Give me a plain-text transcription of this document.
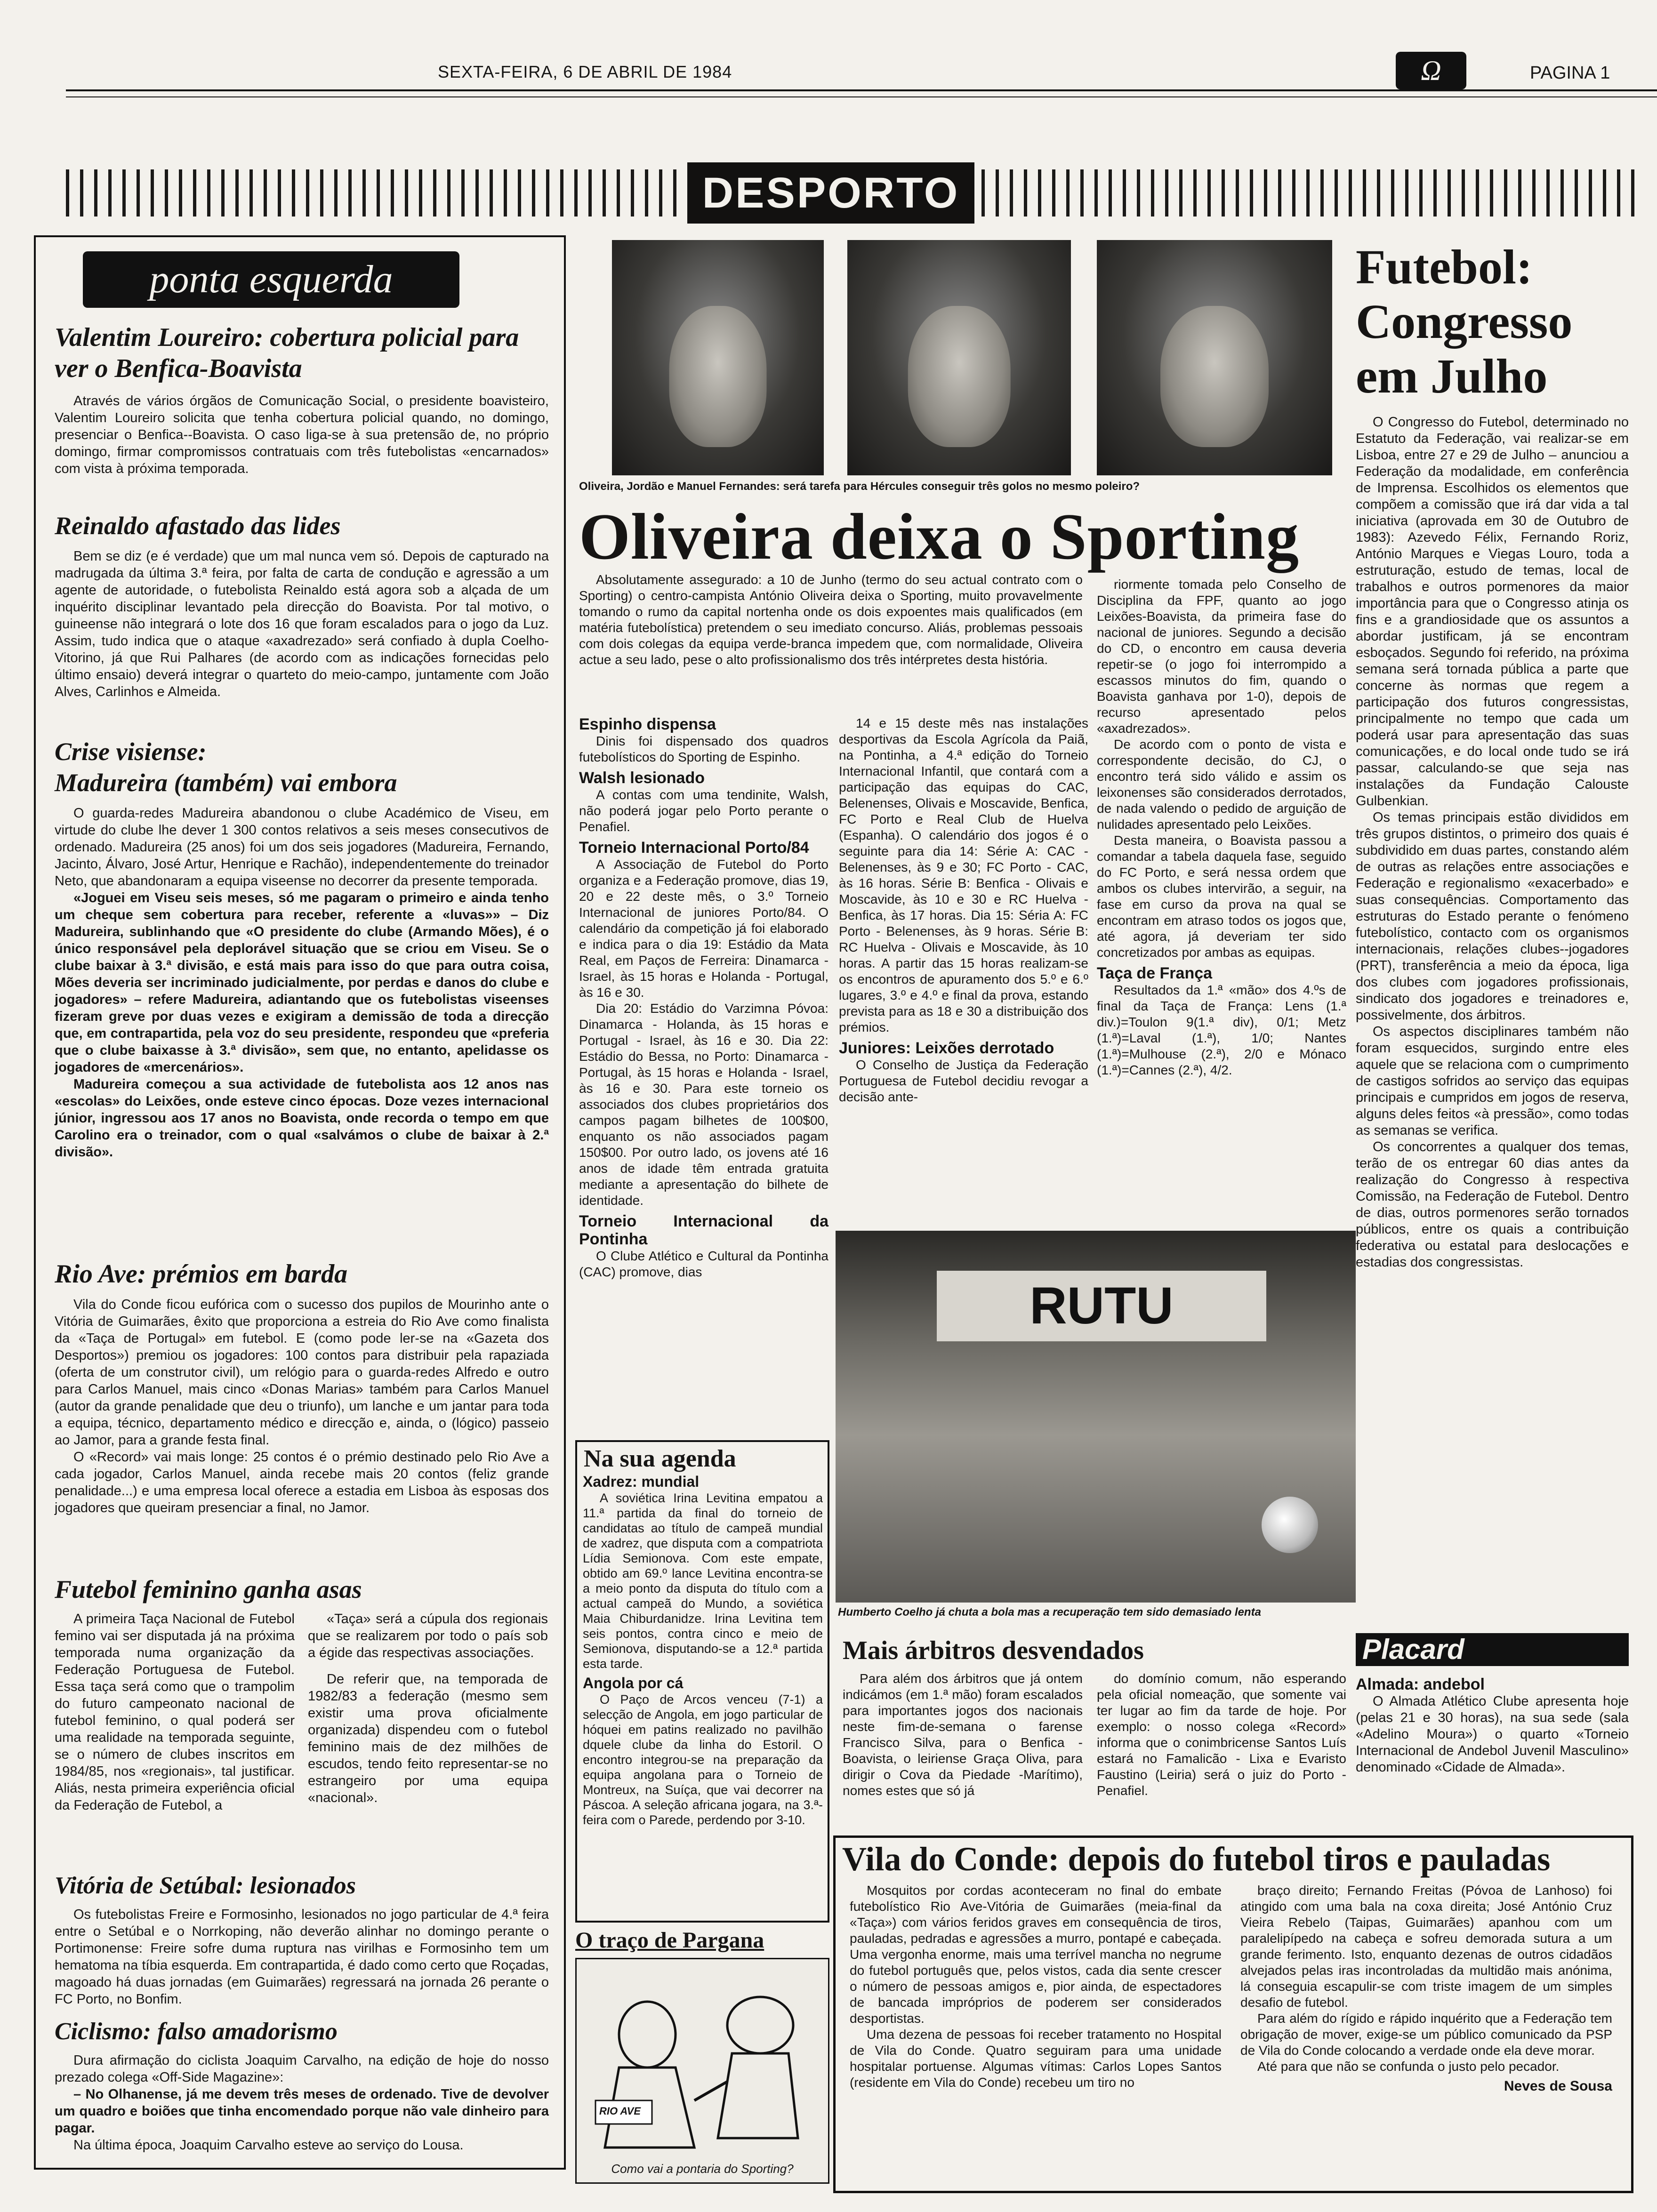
SEXTA-FEIRA, 6 DE ABRIL DE 1984	Ω	PAGINA 1
DESPORTO
ponta esquerda
Valentim Loureiro: cobertura policial para ver o Benfica-Boavista

Através de vários órgãos de Comunicação Social, o presidente boavisteiro, Valentim Loureiro solicita que tenha cobertura policial quando, no domingo, presenciar o Benfica--Boavista. O caso liga-se à sua pretensão de, no próprio domingo, firmar compromissos contratuais com três futebolistas «encarnados» com vista à próxima temporada.

Reinaldo afastado das lides

Bem se diz (e é verdade) que um mal nunca vem só. Depois de capturado na madrugada da última 3.ª feira, por falta de carta de condução e agressão a um agente de autoridade, o futebolista Reinaldo está agora sob a alçada de um inquérito disciplinar levantado pela direcção do Boavista. Por tal motivo, o guineense não integrará o lote dos 16 que foram escalados para o jogo da Luz. Assim, tudo indica que o ataque «axadrezado» será confiado à dupla Coelho-Vitorino, já que Rui Palhares (de acordo com as indicações fornecidas pelo último ensaio) deverá integrar o quarteto do meio-campo, juntamente com João Alves, Carlinhos e Almeida.

Crise visiense:
Madureira (também) vai embora

O guarda-redes Madureira abandonou o clube Académico de Viseu, em virtude do clube lhe dever 1 300 contos relativos a seis meses consecutivos de ordenado. Madureira (25 anos) foi um dos seis jogadores (Madureira, Fernando, Jacinto, Álvaro, José Artur, Henrique e Rachão), independentemente do treinador Neto, que abandonaram a equipa viseense no decorrer da presente temporada.

«Joguei em Viseu seis meses, só me pagaram o primeiro e ainda tenho um cheque sem cobertura para receber, referente a «luvas»» – Diz Madureira, sublinhando que «O presidente do clube (Armando Mões), é o único responsável pela deplorável situação que se criou em Viseu. Se o clube baixar à 3.ª divisão, e está mais para isso do que para outra coisa, Mões deveria ser incriminado judicialmente, por perdas e danos do clube e jogadores» – refere Madureira, adiantando que os futebolistas viseenses fizeram greve por duas vezes e exigiram a demissão de toda a direcção que, em contrapartida, pela voz do seu presidente, respondeu que «preferia que o clube baixasse à 3.ª divisão», sem que, no entanto, apelidasse os jogadores de «mercenários».

Madureira começou a sua actividade de futebolista aos 12 anos nas «escolas» do Leixões, onde esteve cinco épocas. Doze vezes internacional júnior, ingressou aos 17 anos no Boavista, onde recorda o tempo em que Carolino era o treinador, com o qual «salvámos o clube de baixar à 2.ª divisão».

Rio Ave: prémios em barda

Vila do Conde ficou eufórica com o sucesso dos pupilos de Mourinho ante o Vitória de Guimarães, êxito que proporciona a estreia do Rio Ave como finalista da «Taça de Portugal» em futebol. E (como pode ler-se na «Gazeta dos Desportos») premiou os jogadores: 100 contos para distribuir pela rapaziada (oferta de um construtor civil), um relógio para o guarda-redes Alfredo e outro para Carlos Manuel, mais cinco «Donas Marias» também para Carlos Manuel (autor da grande penalidade que deu o triunfo), um lanche e um jantar para toda a equipa, técnico, departamento médico e direcção e, ainda, o (lógico) passeio ao Jamor, para a grande festa final.

O «Record» vai mais longe: 25 contos é o prémio destinado pelo Rio Ave a cada jogador, Carlos Manuel, ainda recebe mais 20 contos (feliz grande penalidade...) e uma empresa local oferece a estadia em Lisboa às esposas dos jogadores que queiram presenciar a final, no Jamor.

Futebol feminino ganha asas

A primeira Taça Nacional de Futebol femino vai ser disputada já na próxima temporada numa organização da Federação Portuguesa de Futebol. Essa taça será como que o trampolim do futuro campeonato nacional de futebol feminino, o qual poderá ser uma realidade na temporada seguinte, se o número de clubes inscritos em 1984/85, nos «regionais», tal justificar. Aliás, nesta primeira experiência oficial da Federação de Futebol, a

«Taça» será a cúpula dos regionais que se realizarem por todo o país sob a égide das respectivas associações.

De referir que, na temporada de 1982/83 a federação (mesmo sem existir uma prova oficialmente organizada) dispendeu com o futebol feminino mais de dez milhões de escudos, tendo feito representar-se no estrangeiro por uma equipa «nacional».

Vitória de Setúbal: lesionados

Os futebolistas Freire e Formosinho, lesionados no jogo particular de 4.ª feira entre o Setúbal e o Norrkoping, não deverão alinhar no domingo perante o Portimonense: Freire sofre duma ruptura nas virilhas e Formosinho tem um hematoma na tíbia esquerda. Em contrapartida, é dado como certo que Roçadas, magoado há duas jornadas (em Guimarães) regressará na jornada 26 perante o FC Porto, no Bonfim.

Ciclismo: falso amadorismo

Dura afirmação do ciclista Joaquim Carvalho, na edição de hoje do nosso prezado colega «Off-Side Magazine»:

– No Olhanense, já me devem três meses de ordenado. Tive de devolver um quadro e boiões que tinha encomendado porque não vale dinheiro para pagar.

Na última época, Joaquim Carvalho esteve ao serviço do Lousa.

Oliveira, Jordão e Manuel Fernandes: será tarefa para Hércules conseguir três golos no mesmo poleiro?
Oliveira deixa o Sporting

Absolutamente assegurado: a 10 de Junho (termo do seu actual contrato com o Sporting) o centro-campista António Oliveira deixa o Sporting, muito provavelmente tomando o rumo da capital nortenha onde os dois expoentes mais qualificados (em matéria futebolística) pretendem o seu imediato concurso. Aliás, problemas pessoais com dois colegas da equipa verde-branca impedem que, com normalidade, Oliveira actue a seu lado, pese o alto profissionalismo dos três intérpretes desta história.

Espinho dispensa

Dinis foi dispensado dos quadros futebolísticos do Sporting de Espinho.

Walsh lesionado

A contas com uma tendinite, Walsh, não poderá jogar pelo Porto perante o Penafiel.

Torneio Internacional Porto/84

A Associação de Futebol do Porto organiza e a Federação promove, dias 19, 20 e 22 deste mês, o 3.º Torneio Internacional de juniores Porto/84. O calendário da competição já foi elaborado e indica para o dia 19: Estádio da Mata Real, em Paços de Ferreira: Dinamarca - Israel, às 15 horas e Holanda - Portugal, às 16 e 30.

Dia 20: Estádio do Varzimna Póvoa: Dinamarca - Holanda, às 15 horas e Portugal - Israel, às 16 e 30. Dia 22: Estádio do Bessa, no Porto: Dinamarca -Portugal, às 15 horas e Holanda - Israel, às 16 e 30. Para este torneio os associados dos clubes proprietários dos campos pagam bilhetes de 100$00, enquanto os não associados pagam 150$00. Por outro lado, os jovens até 16 anos de idade têm entrada gratuita mediante a apresentação do bilhete de identidade.

Torneio Internacional da Pontinha

O Clube Atlético e Cultural da Pontinha (CAC) promove, dias

14 e 15 deste mês nas instalações desportivas da Escola Agrícola da Paiã, na Pontinha, a 4.ª edição do Torneio Internacional Infantil, que contará com a participação das equipas do CAC, Belenenses, Olivais e Moscavide, Benfica, FC Porto e Real Club de Huelva (Espanha). O calendário dos jogos é o seguinte para dia 14: Série A: CAC - Belenenses, às 9 e 30; FC Porto - CAC, às 16 horas. Série B: Benfica - Olivais e Moscavide, às 10 e 30 e RC Huelva - Benfica, às 17 horas. Dia 15: Séria A: FC Porto - Belenenses, às 9 horas. Série B: RC Huelva - Olivais e Moscavide, às 10 horas. A partir das 15 horas realizam-se os encontros de apuramento dos 5.º e 6.º lugares, 3.º e 4.º e final da prova, estando prevista para as 18 e 30 a distribuição dos prémios.

Juniores: Leixões derrotado

O Conselho de Justiça da Federação Portuguesa de Futebol decidiu revogar a decisão ante-

riormente tomada pelo Conselho de Disciplina da FPF, quanto ao jogo Leixões-Boavista, da primeira fase do nacional de juniores. Segundo a decisão do CD, o encontro em causa deveria repetir-se (o jogo foi interrompido a escassos minutos do fim, quando o Boavista ganhava por 1-0), depois de recurso apresentado pelos «axadrezados».

De acordo com o ponto de vista e correspondente decisão, do CJ, o encontro terá sido válido e assim os leixonenses são considerados derrotados, de nada valendo o pedido de arguição de nulidades apresentado pelo Leixões.

Desta maneira, o Boavista passou a comandar a tabela daquela fase, seguido do FC Porto, e será nessa ordem que ambos os clubes intervirão, a seguir, na fase em curso da prova na qual se encontram em atraso todos os jogos que, até agora, já deveriam ter sido concretizados por ambas as equipas.

Taça de França

Resultados da 1.ª «mão» dos 4.ºs de final da Taça de França: Lens (1.ª div.)=Toulon 9(1.ª div), 0/1; Metz (1.ª)=Laval (1.ª), 1/0; Nantes (1.ª)=Mulhouse (2.ª), 2/0 e Mónaco (1.ª)=Cannes (2.ª), 4/2.

RUTU
Humberto Coelho já chuta a bola mas a recuperação tem sido demasiado lenta
Na sua agenda
Xadrez: mundial

A soviética Irina Levitina empatou a 11.ª partida da final do torneio de candidatas ao título de campeã mundial de xadrez, que disputa com a compatriota Lídia Semionova. Com este empate, obtido am 69.º lance Levitina encontra-se a meio ponto da disputa do título com a actual campeã do Mundo, a soviética Maia Chiburdanidze. Irina Levitina tem seis pontos, contra cinco e meio de Semionova, disputando-se a 12.ª partida esta tarde.

Angola por cá

O Paço de Arcos venceu (7-1) a selecção de Angola, em jogo particular de hóquei em patins realizado no pavilhão dquele clube da linha do Estoril. O encontro integrou-se na preparação da equipa angolana para o Torneio de Montreux, na Suíça, que vai decorrer na Páscoa. A seleção africana jogara, na 3.ª-feira com o Parede, perdendo por 3-10.

O traço de Pargana
RIO AVE
Como vai a pontaria do Sporting?
Mais árbitros desvendados

Para além dos árbitros que já ontem indicámos (em 1.ª mão) foram escalados para importantes jogos dos nacionais neste fim-de-semana o farense Francisco Silva, para o Benfica - Boavista, o leiriense Graça Oliva, para dirigir o Cova da Piedade -Marítimo), nomes estes que só já

do domínio comum, não esperando pela oficial nomeação, que somente vai ter lugar ao fim da tarde de hoje. Por exemplo: o nosso colega «Record» informa que o conimbricense Santos Luís estará no Famalicão - Lixa e Evaristo Faustino (Leiria) será o juiz do Porto - Penafiel.

Futebol: Congresso em Julho

O Congresso do Futebol, determinado no Estatuto da Federação, vai realizar-se em Lisboa, entre 27 e 29 de Julho – anunciou a Federação da modalidade, em conferência de Imprensa. Escolhidos os elementos que compõem a comissão que irá dar vida a tal iniciativa (aprovada em 30 de Outubro de 1983): Azevedo Félix, Fernando Roriz, António Marques e Viegas Louro, toda a estruturação, estudo de temas, local de trabalhos e outros pormenores da maior importância para que o Congresso atinja os fins e a grandiosidade que os assuntos a abordar justificam, já se encontram esboçados. Segundo foi referido, na próxima semana será tornada pública a parte que concerne às normas que regem a participação dos futuros congressistas, principalmente no tempo que cada um poderá usar para apresentação das suas comunicações, e do local onde tudo se irá passar, calculando-se que seja nas instalações da Fundação Calouste Gulbenkian.

Os temas principais estão divididos em três grupos distintos, o primeiro dos quais é subdividido em duas partes, constando além de outras as relações entre associações e Federação e regionalismo «exacerbado» e suas consequências. Comportamento das estruturas do Estado perante o fenómeno futebolístico, contacto com os organismos internacionais, relações clubes--jogadores (PRT), transferência a meio da época, liga dos clubes com jogadores profissionais, sindicato dos jogadores e treinadores e, possivelmente, dos árbitros.

Os aspectos disciplinares também não foram esquecidos, surgindo entre eles aquele que se relaciona com o cumprimento de castigos sofridos ao serviço das equipas principais e cumpridos em jogos de reserva, alguns deles feitos «à pressão», como todas as semanas se verifica.

Os concorrentes a qualquer dos temas, terão de os entregar 60 dias antes da realização do Congresso à respectiva Comissão, na Federação de Futebol. Dentro de dias, outros pormenores serão tornados públicos, entre os quais a contribuição federativa ou estatal para deslocações e estadias dos congressistas.

Placard
Almada: andebol

O Almada Atlético Clube apresenta hoje (pelas 21 e 30 horas), na sua sede (sala «Adelino Moura») o quarto «Torneio Internacional de Andebol Juvenil Masculino» denominado «Cidade de Almada».

Vila do Conde: depois do futebol tiros e pauladas

Mosquitos por cordas aconteceram no final do embate futebolístico Rio Ave-Vitória de Guimarães (meia-final da «Taça») com vários feridos graves em consequência de tiros, pauladas, pedradas e agressões a murro, pontapé e cabeçada. Uma vergonha enorme, mais uma terrível mancha no negrume do futebol português que, pelos vistos, cada dia sente crescer o número de pessoas amigos e, pior ainda, de espectadores de bancada impróprios de poderem ser considerados desportistas.

Uma dezena de pessoas foi receber tratamento no Hospital de Vila do Conde. Quatro seguiram para uma unidade hospitalar portuense. Algumas vítimas: Carlos Lopes Santos (residente em Vila do Conde) recebeu um tiro no

braço direito; Fernando Freitas (Póvoa de Lanhoso) foi atingido com uma bala na coxa direita; José António Cruz Vieira Rebelo (Taipas, Guimarães) apanhou com um paralelipípedo na cabeça e sofreu demorada sutura a um grande ferimento. Isto, enquanto dezenas de outros cidadãos alvejados pelas iras incontroladas da multidão mais anónima, lá conseguia escapulir-se com triste imagem de um simples desafio de futebol.

Para além do rígido e rápido inquérito que a Federação tem obrigação de mover, exige-se um público comunicado da PSP de Vila do Conde colocando a verdade onde ela deve morar.

Até para que não se confunda o justo pelo pecador.

Neves de Sousa
